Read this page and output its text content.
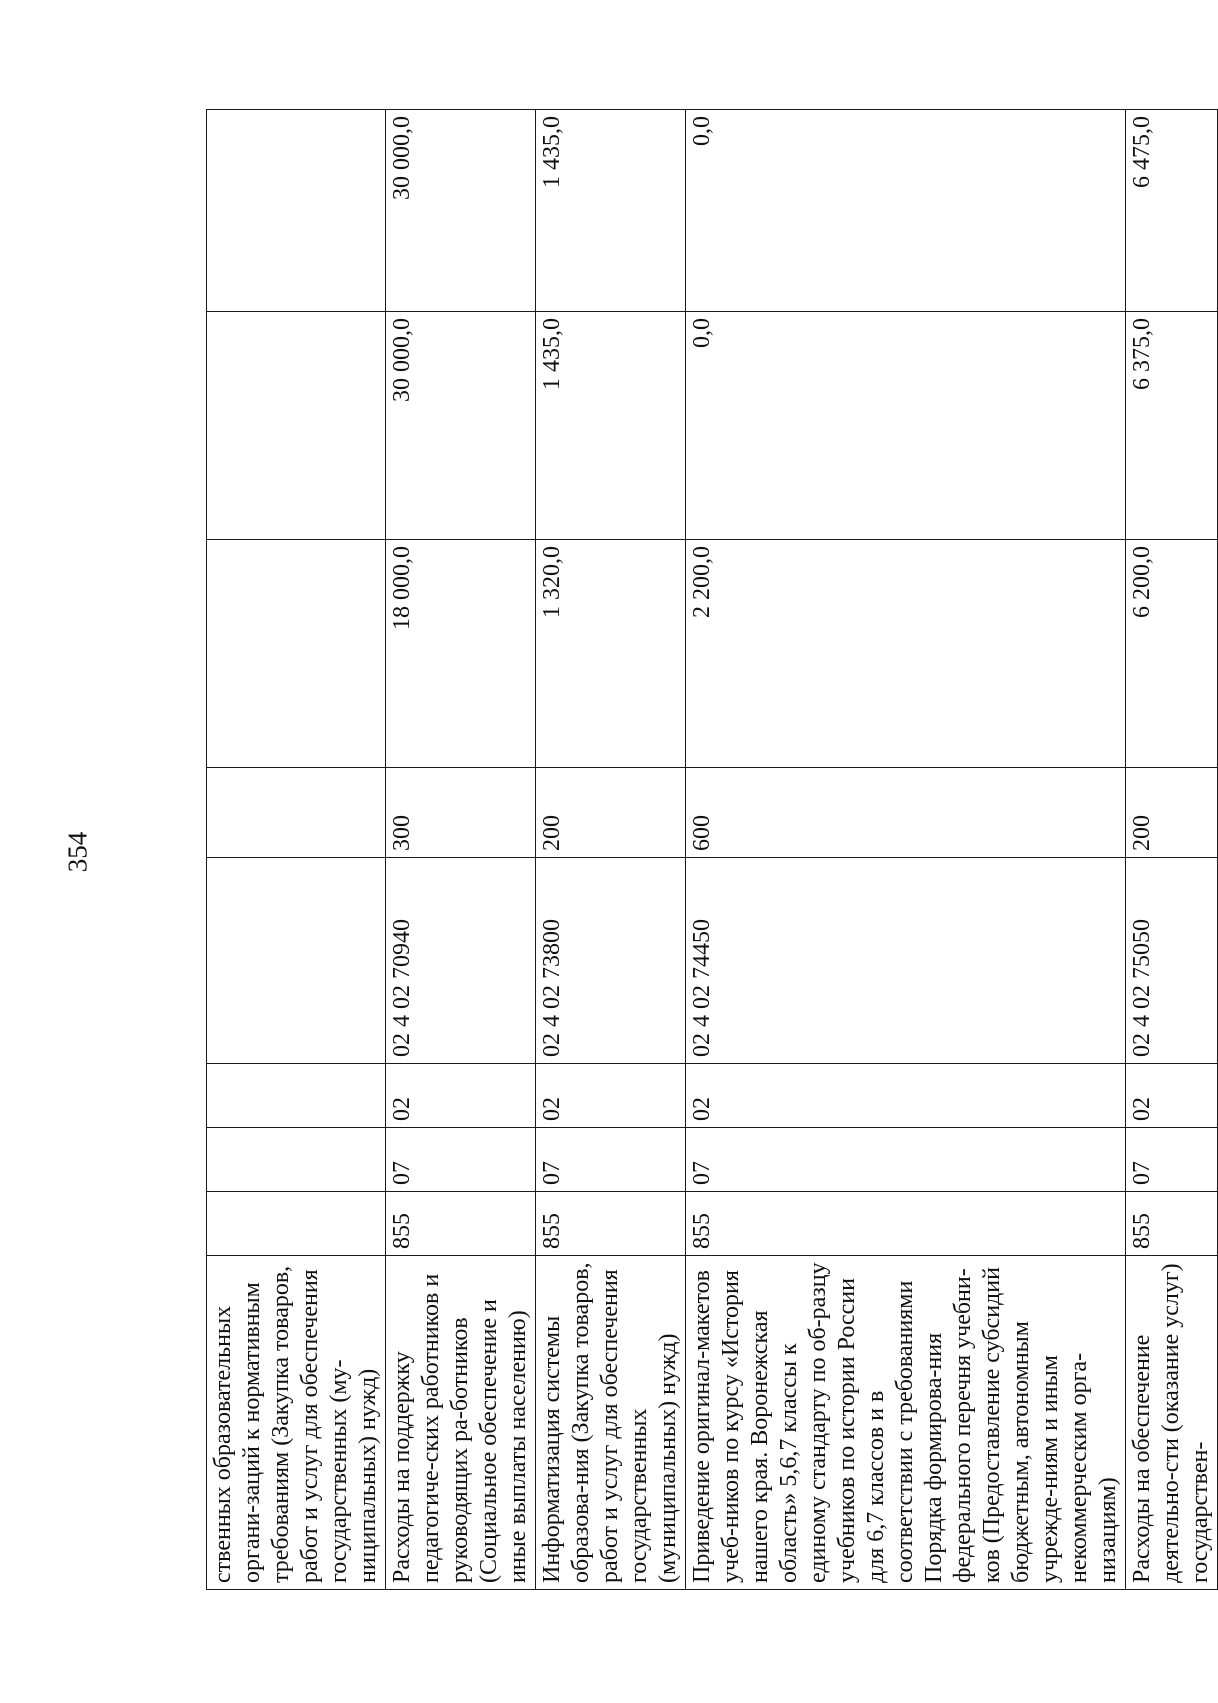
354
ственных образовательных органи-заций к нормативным требованиям (Закупка товаров, работ и услуг для обеспечения государственных (му-ниципальных) нужд)								
Расходы на поддержку педагогиче-ских работников и руководящих ра-ботников (Социальное обеспечение и иные выплаты населению)	855	07	02	02 4 02 70940	300	18 000,0	30 000,0	30 000,0
Информатизация системы образова-ния (Закупка товаров, работ и услуг для обеспечения государственных (муниципальных) нужд)	855	07	02	02 4 02 73800	200	1 320,0	1 435,0	1 435,0
Приведение оригинал-макетов учеб-ников по курсу «История нашего края. Воронежская область» 5,6,7 классы к единому стандарту по об-разцу учебников по истории России для 6,7 классов и в соответствии с требованиями Порядка формирова-ния федерального перечня учебни-ков (Предоставление субсидий бюджетным, автономным учрежде-ниям и иным некоммерческим орга-низациям)	855	07	02	02 4 02 74450	600	2 200,0	0,0	0,0
Расходы на обеспечение деятельно-сти (оказание услуг) государствен-	855	07	02	02 4 02 75050	200	6 200,0	6 375,0	6 475,0
